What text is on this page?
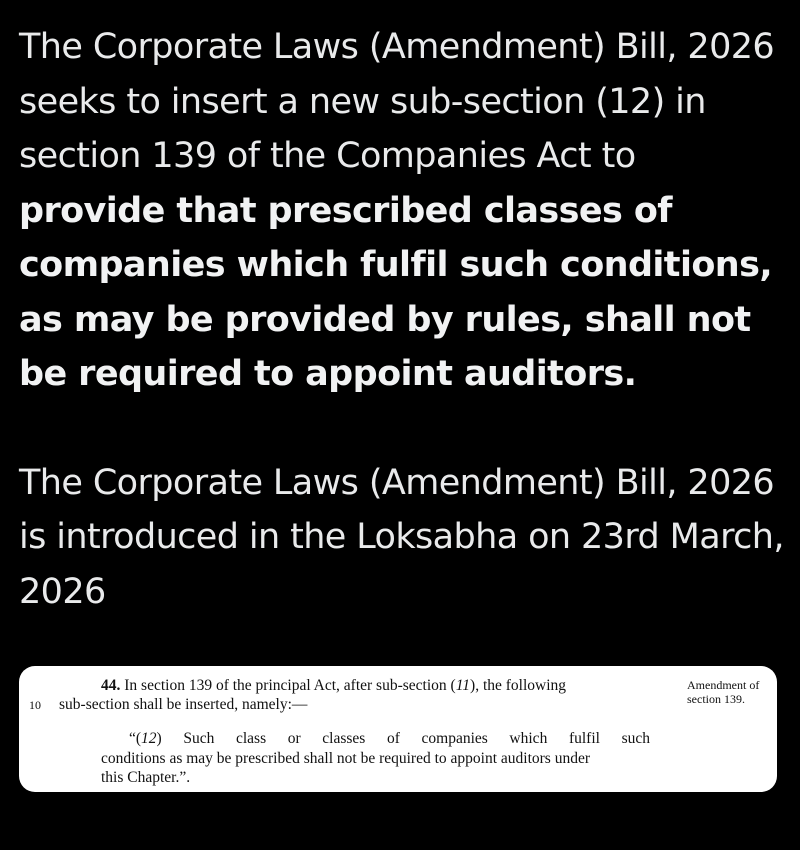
The Corporate Laws (Amendment) Bill, 2026 seeks to insert a new sub-section (12) in section 139 of the Companies Act to provide that prescribed classes of companies which fulfil such conditions, as may be provided by rules, shall not be required to appoint auditors.

The Corporate Laws (Amendment) Bill, 2026 is introduced in the Loksabha on 23rd March, 2026

10
44. In section 139 of the principal Act, after sub-section (11), the following
sub-section shall be inserted, namely:—
“(12) Such class or classes of companies which fulfil such
conditions as may be prescribed shall not be required to appoint auditors under
this Chapter.”.
Amendment of section 139.
